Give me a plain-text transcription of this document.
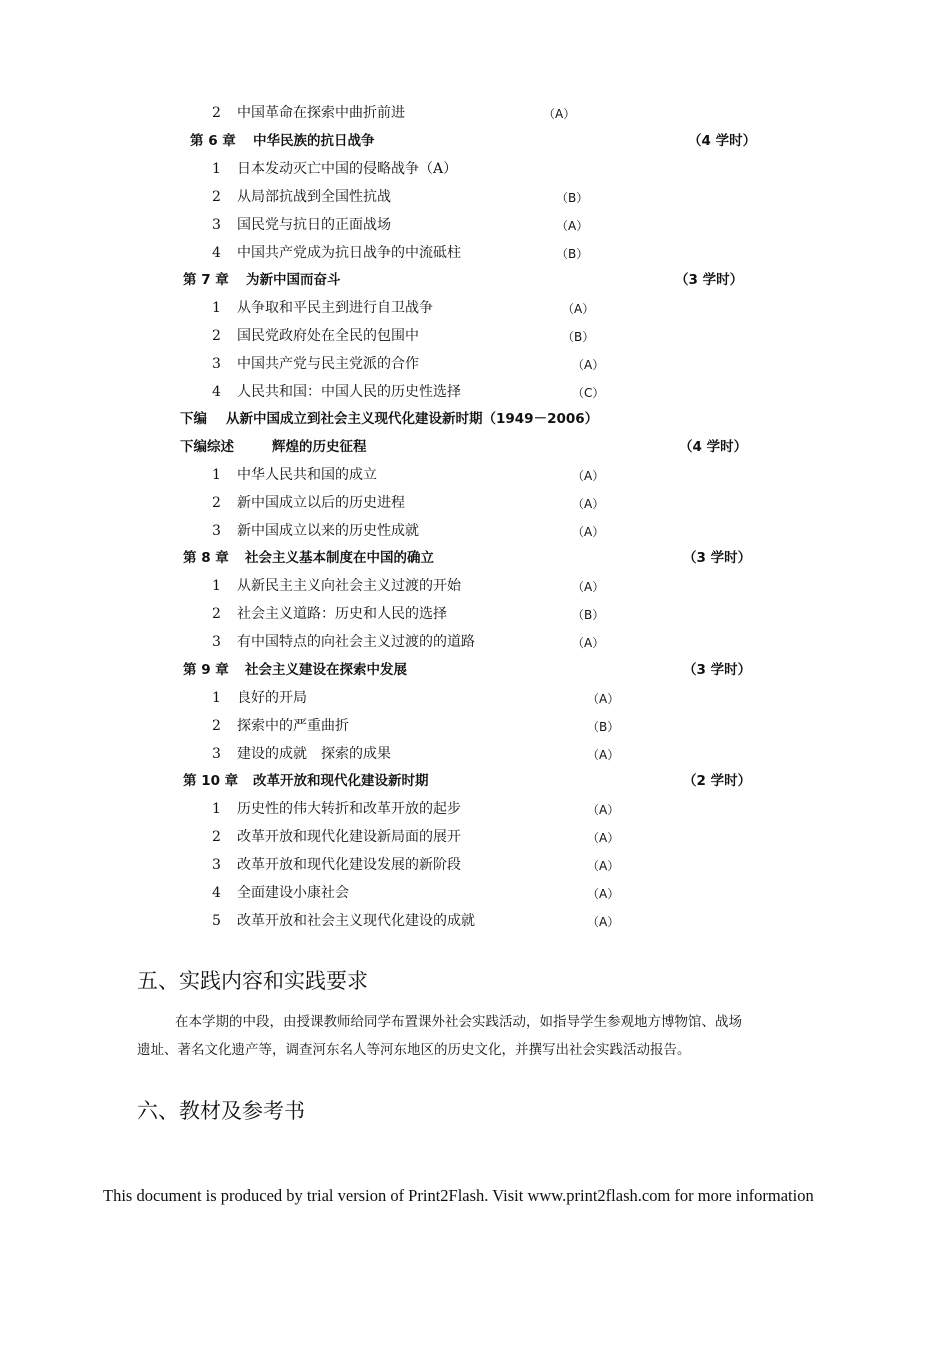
2 中国革命在探索中曲折前进	（A）
第 6 章 中华民族的抗日战争	（4 学时）
1 日本发动灭亡中国的侵略战争（A）
2 从局部抗战到全国性抗战	（B）
3 国民党与抗日的正面战场	（A）
4 中国共产党成为抗日战争的中流砥柱	（B）
第 7 章 为新中国而奋斗	（3 学时）
1 从争取和平民主到进行自卫战争	（A）
2 国民党政府处在全民的包围中	（B）
3 中国共产党与民主党派的合作	（A）
4 人民共和国：中国人民的历史性选择	（C）
下编 从新中国成立到社会主义现代化建设新时期（1949－2006）
下编综述	辉煌的历史征程	（4 学时）
1 中华人民共和国的成立	（A）
2 新中国成立以后的历史进程	（A）
3 新中国成立以来的历史性成就	（A）
第 8 章 社会主义基本制度在中国的确立	（3 学时）
1 从新民主主义向社会主义过渡的开始	（A）
2 社会主义道路：历史和人民的选择	（B）
3 有中国特点的向社会主义过渡的的道路	（A）
第 9 章 社会主义建设在探索中发展	（3 学时）
1 良好的开局	（A）
2 探索中的严重曲折	（B）
3 建设的成就　探索的成果	（A）
第 10 章 改革开放和现代化建设新时期	（2 学时）
1 历史性的伟大转折和改革开放的起步	（A）
2 改革开放和现代化建设新局面的展开	（A）
3 改革开放和现代化建设发展的新阶段	（A）
4 全面建设小康社会	（A）
5 改革开放和社会主义现代化建设的成就	（A）
五、实践内容和实践要求
在本学期的中段，由授课教师给同学布置课外社会实践活动，如指导学生参观地方博物馆、战场
遗址、著名文化遗产等，调查河东名人等河东地区的历史文化，并撰写出社会实践活动报告。
六、教材及参考书
This document is produced by trial version of Print2Flash. Visit www.print2flash.com for more information
